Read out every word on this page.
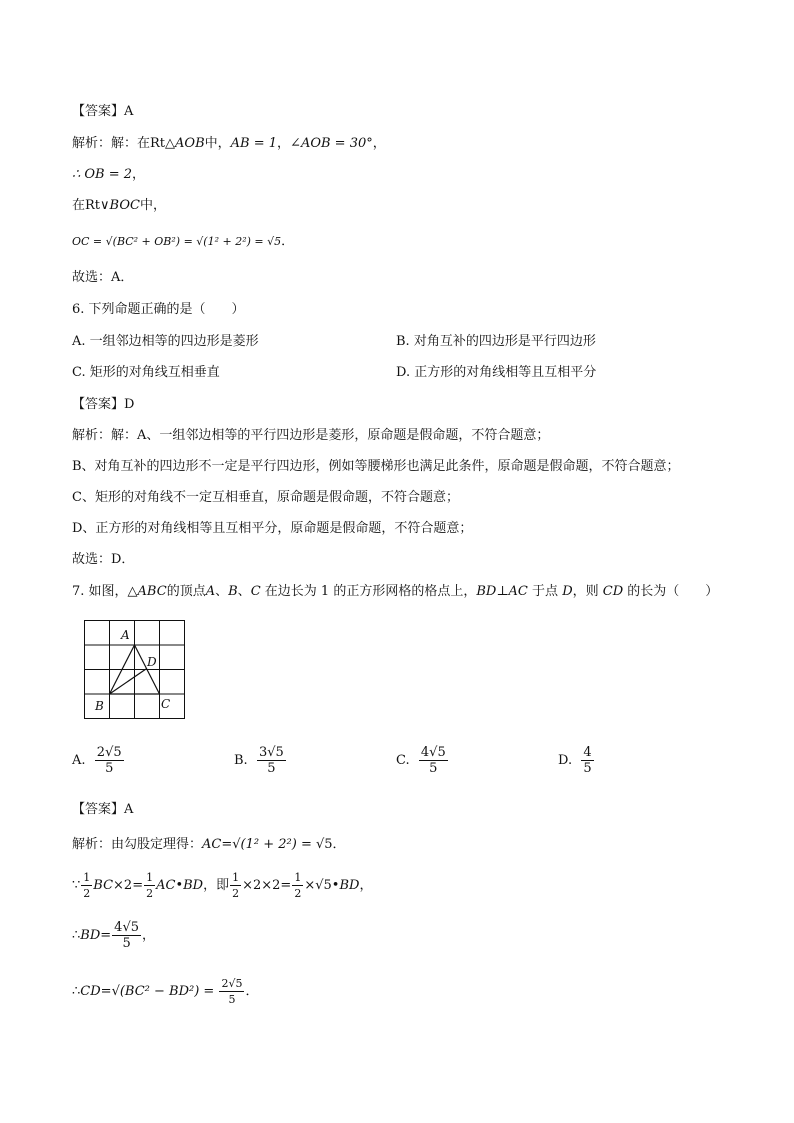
【答案】A
解析：解：在Rt△AOB中，AB = 1，∠AOB = 30°，
∴ OB = 2，
在Rt∨BOC中，
OC = √(BC² + OB²) = √(1² + 2²) = √5．
故选：A．
6. 下列命题正确的是（　　）
A. 一组邻边相等的四边形是菱形	B. 对角互补的四边形是平行四边形
C. 矩形的对角线互相垂直	D. 正方形的对角线相等且互相平分
【答案】D
解析：解：A、一组邻边相等的平行四边形是菱形，原命题是假命题，不符合题意；
B、对角互补的四边形不一定是平行四边形，例如等腰梯形也满足此条件，原命题是假命题，不符合题意；
C、矩形的对角线不一定互相垂直，原命题是假命题，不符合题意；
D、正方形的对角线相等且互相平分，原命题是假命题，不符合题意；
故选：D．
7. 如图，△ABC的顶点A、B、C 在边长为 1 的正方形网格的格点上，BD⊥AC 于点 D，则 CD 的长为（　　）
A
D
B	C
A. $\frac{2√5}{5}$	B. $\frac{3√5}{5}$	C. $\frac{4√5}{5}$	D. $\frac{4}{5}$
【答案】A
解析：由勾股定理得：AC=√(1² + 2²) = √5．
∵ $\frac{1}{2} BC\times 2= \frac{1}{2}$ AC•BD，即 $\frac{1}{2} \times 2\times 2= \frac{1}{2}$ ×√5•BD，
∴BD= $\frac{4√5}{5}$ ，
∴CD=√(BC² − $BD^2) = \frac{2√5}{5}$ ．
